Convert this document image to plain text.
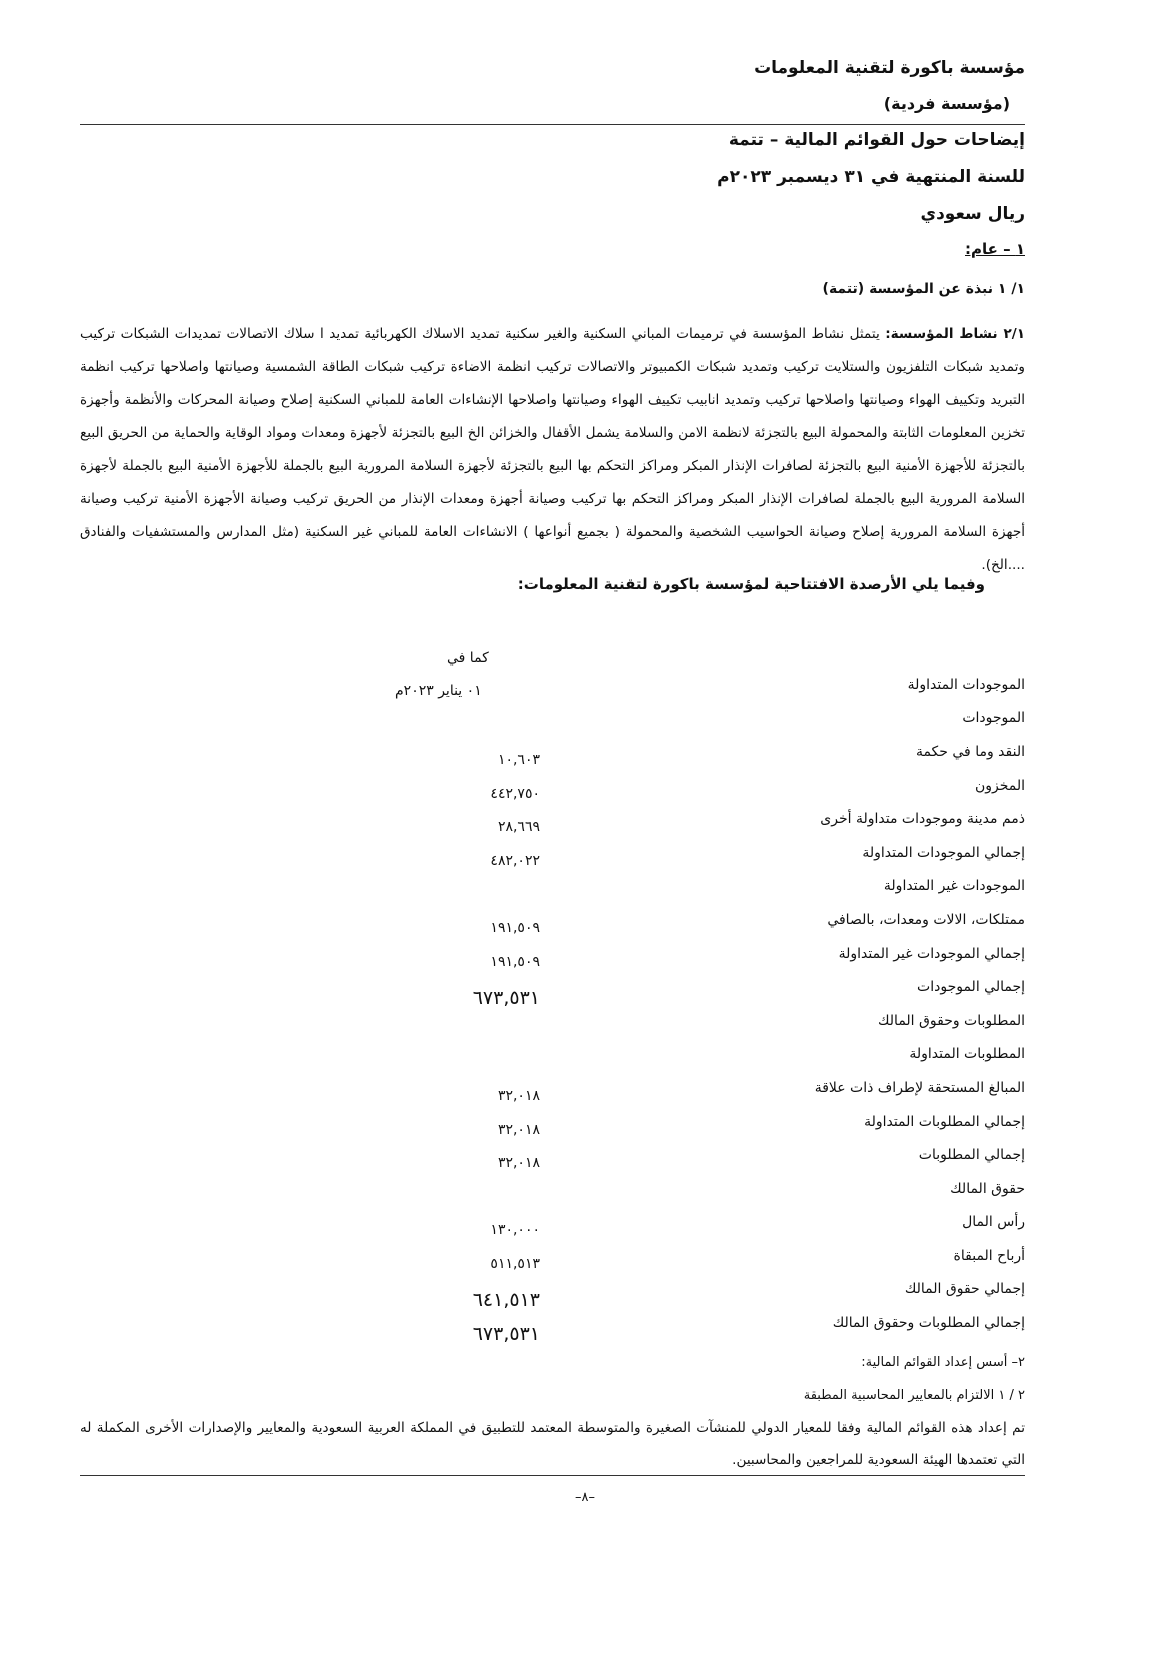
مؤسسة باكورة لتقنية المعلومات
(مؤسسة فردية)
إيضاحات حول القوائم المالية – تتمة
للسنة المنتهية في ٣١ ديسمبر ٢٠٢٣م
ريال سعودي
١ – عام:
١/ ١ نبذة عن المؤسسة (تتمة)
٢/١ نشاط المؤسسة: يتمثل نشاط المؤسسة في ترميمات المباني السكنية والغير سكنية تمديد الاسلاك الكهربائية تمديد ا سلاك الاتصالات تمديدات الشبكات تركيب وتمديد شبكات التلفزيون والستلايت تركيب وتمديد شبكات الكمبيوتر والاتصالات تركيب انظمة الاضاءة تركيب شبكات الطاقة الشمسية وصيانتها واصلاحها تركيب انظمة التبريد وتكييف الهواء وصيانتها واصلاحها تركيب وتمديد انابيب تكييف الهواء وصيانتها واصلاحها الإنشاءات العامة للمباني السكنية إصلاح وصيانة المحركات والأنظمة وأجهزة تخزين المعلومات الثابتة والمحمولة البيع بالتجزئة لانظمة الامن والسلامة يشمل الأقفال والخزائن الخ البيع بالتجزئة لأجهزة ومعدات ومواد الوقاية والحماية من الحريق البيع بالتجزئة للأجهزة الأمنية البيع بالتجزئة لصافرات الإنذار المبكر ومراكز التحكم بها البيع بالتجزئة لأجهزة السلامة المرورية البيع بالجملة للأجهزة الأمنية البيع بالجملة لأجهزة السلامة المرورية البيع بالجملة لصافرات الإنذار المبكر ومراكز التحكم بها تركيب وصيانة أجهزة ومعدات الإنذار من الحريق تركيب وصيانة الأجهزة الأمنية تركيب وصيانة أجهزة السلامة المرورية إصلاح وصيانة الحواسيب الشخصية والمحمولة ( بجميع أنواعها ) الانشاءات العامة للمباني غير السكنية (مثل المدارس والمستشفيات والفنادق ....الخ).
وفيما يلي الأرصدة الافتتاحية لمؤسسة باكورة لتقنية المعلومات:
كما في
٠١ يناير ٢٠٢٣م	الموجودات المتداولة
الموجودات
النقد وما في حكمة
١٠,٦٠٣
المخزون
٤٤٢,٧٥٠
ذمم مدينة وموجودات متداولة أخرى
٢٨,٦٦٩
إجمالي الموجودات المتداولة
٤٨٢,٠٢٢
الموجودات غير المتداولة
ممتلكات، الالات ومعدات، بالصافي
١٩١,٥٠٩
إجمالي الموجودات غير المتداولة
١٩١,٥٠٩
إجمالي الموجودات
٦٧٣,٥٣١
المطلوبات وحقوق المالك
المطلوبات المتداولة
المبالغ المستحقة لإطراف ذات علاقة
٣٢,٠١٨
إجمالي المطلوبات المتداولة
٣٢,٠١٨
إجمالي المطلوبات
٣٢,٠١٨
حقوق المالك
رأس المال
١٣٠,٠٠٠
أرباح المبقاة
٥١١,٥١٣
إجمالي حقوق المالك
٦٤١,٥١٣
إجمالي المطلوبات وحقوق المالك
٦٧٣,٥٣١
٢– أسس إعداد القوائم المالية:
٢ / ١ الالتزام بالمعايير المحاسبية المطبقة
تم إعداد هذه القوائم المالية وفقا للمعيار الدولي للمنشآت الصغيرة والمتوسطة المعتمد للتطبيق في المملكة العربية السعودية والمعايير والإصدارات الأخرى المكملة له التي تعتمدها الهيئة السعودية للمراجعين والمحاسبين.
–٨–
